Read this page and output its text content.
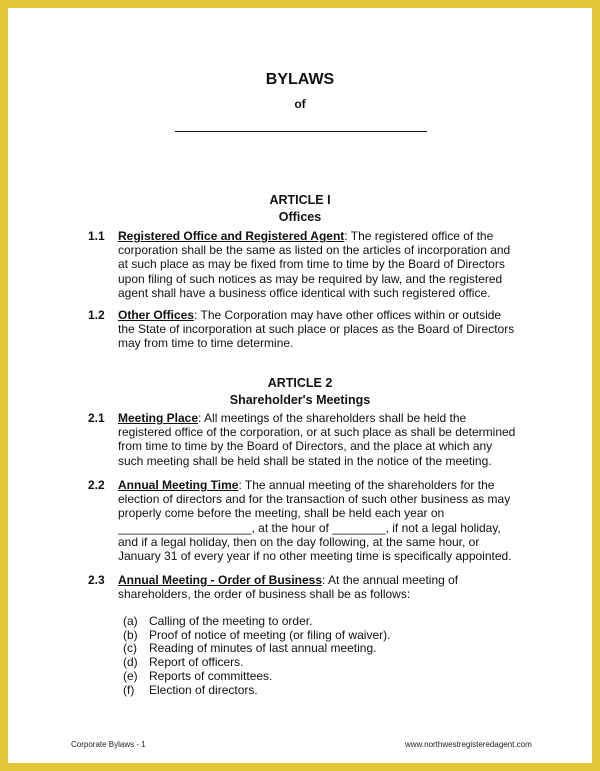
BYLAWS
of
ARTICLE I
Offices
1.1 Registered Office and Registered Agent: The registered office of the corporation shall be the same as listed on the articles of incorporation and at such place as may be fixed from time to time by the Board of Directors upon filing of such notices as may be required by law, and the registered agent shall have a business office identical with such registered office.
1.2 Other Offices: The Corporation may have other offices within or outside the State of incorporation at such place or places as the Board of Directors may from time to time determine.
ARTICLE 2
Shareholder's Meetings
2.1 Meeting Place: All meetings of the shareholders shall be held the registered office of the corporation, or at such place as shall be determined from time to time by the Board of Directors, and the place at which any such meeting shall be held shall be stated in the notice of the meeting.
2.2 Annual Meeting Time: The annual meeting of the shareholders for the election of directors and for the transaction of such other business as may properly come before the meeting, shall be held each year on ____________________, at the hour of ________, if not a legal holiday, and if a legal holiday, then on the day following, at the same hour, or January 31 of every year if no other meeting time is specifically appointed.
2.3 Annual Meeting - Order of Business: At the annual meeting of shareholders, the order of business shall be as follows:
(a) Calling of the meeting to order.
(b) Proof of notice of meeting (or filing of waiver).
(c)	Reading of minutes of last annual meeting.
(d) Report of officers.
(e) Reports of committees.
(f)	Election of directors.
Corporate Bylaws - 1	www.northwestregisteredagent.com
